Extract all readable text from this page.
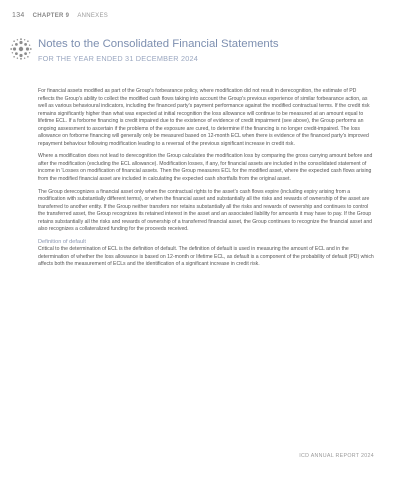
134 CHAPTER 9 ANNEXES
Notes to the Consolidated Financial Statements
FOR THE YEAR ENDED 31 DECEMBER 2024

For financial assets modified as part of the Group's forbearance policy, where modification did not result in derecognition, the estimate of PD reflects the Group's ability to collect the modified cash flows taking into account the Group's previous experience of similar forbearance action, as well as various behavioural indicators, including the financed party's payment performance against the modified contractual terms. If the credit risk remains significantly higher than what was expected at initial recognition the loss allowance will continue to be measured at an amount equal to lifetime ECL. If a forborne financing is credit impaired due to the existence of evidence of credit impairment (see above), the Group performs an ongoing assessment to ascertain if the problems of the exposure are cured, to determine if the financing is no longer credit-impaired. The loss allowance on forborne financing will generally only be measured based on 12-month ECL when there is evidence of the financed party's improved repayment behaviour following modification leading to a reversal of the previous significant increase in credit risk.

Where a modification does not lead to derecognition the Group calculates the modification loss by comparing the gross carrying amount before and after the modification (excluding the ECL allowance). Modification losses, if any, for financial assets are included in the consolidated statement of income in 'Losses on modification of financial assets. Then the Group measures ECL for the modified asset, where the expected cash flows arising from the modified financial asset are included in calculating the expected cash shortfalls from the original asset.

The Group derecognizes a financial asset only when the contractual rights to the asset's cash flows expire (including expiry arising from a modification with substantially different terms), or when the financial asset and substantially all the risks and rewards of ownership of the asset are transferred to another entity. If the Group neither transfers nor retains substantially all the risks and rewards of ownership and continues to control the transferred asset, the Group recognizes its retained interest in the asset and an associated liability for amounts it may have to pay. If the Group retains substantially all the risks and rewards of ownership of a transferred financial asset, the Group continues to recognize the financial asset and also recognizes a collateralized funding for the proceeds received.

Definition of default

Critical to the determination of ECL is the definition of default. The definition of default is used in measuring the amount of ECL and in the determination of whether the loss allowance is based on 12-month or lifetime ECL, as default is a component of the probability of default (PD) which affects both the measurement of ECLs and the identification of a significant increase in credit risk.

ICD ANNUAL REPORT 2024
